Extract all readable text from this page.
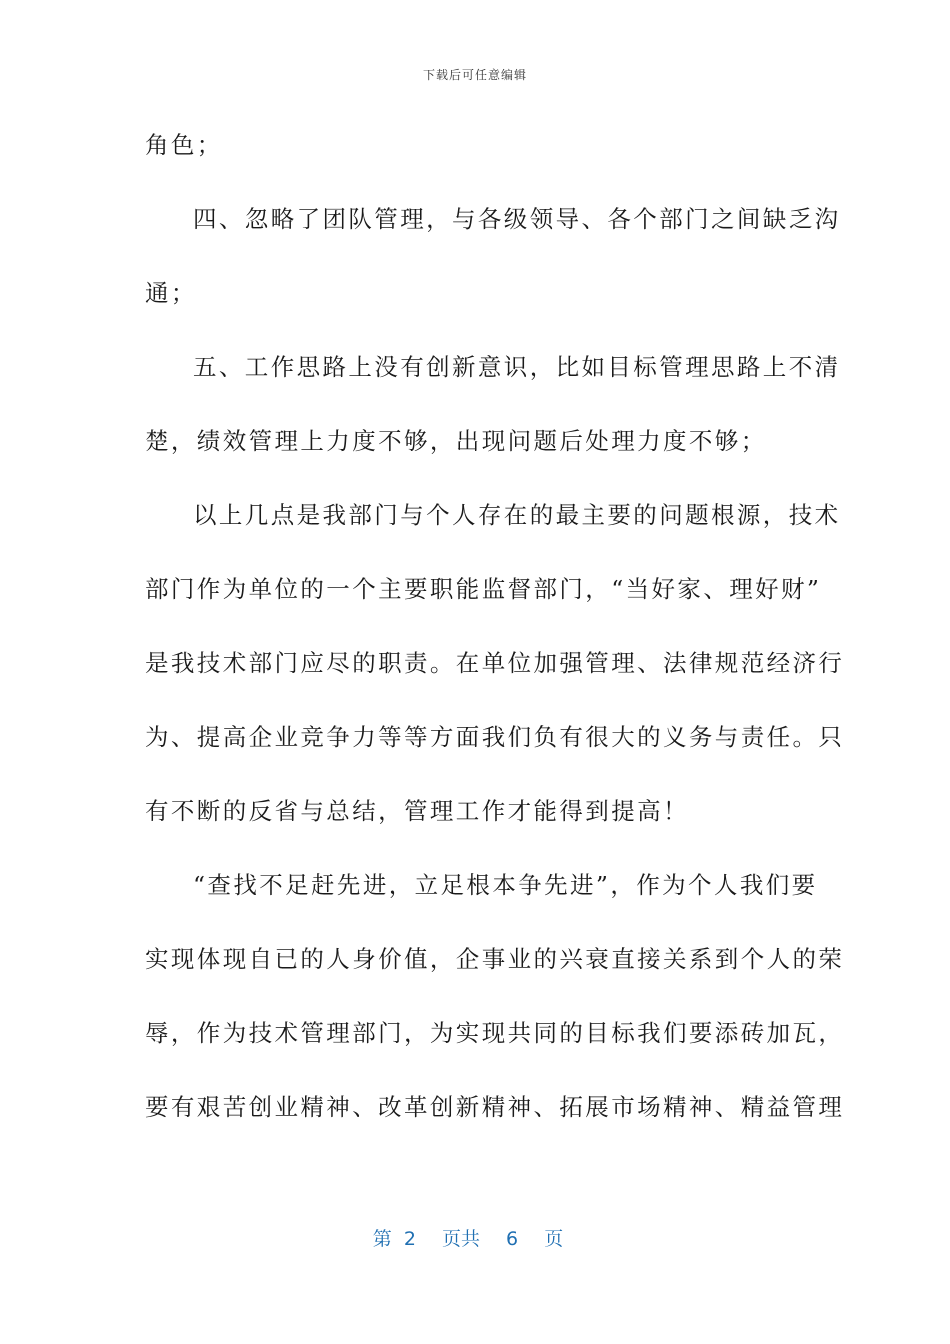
下载后可任意编辑
角色；
四、忽略了团队管理，与各级领导、各个部门之间缺乏沟
通；
五、工作思路上没有创新意识，比如目标管理思路上不清
楚，绩效管理上力度不够，出现问题后处理力度不够；
以上几点是我部门与个人存在的最主要的问题根源，技术
部门作为单位的一个主要职能监督部门，“当好家、理好财”
是我技术部门应尽的职责。在单位加强管理、法律规范经济行
为、提高企业竞争力等等方面我们负有很大的义务与责任。只
有不断的反省与总结，管理工作才能得到提高！
“查找不足赶先进，立足根本争先进”，作为个人我们要
实现体现自已的人身价值，企事业的兴衰直接关系到个人的荣
辱，作为技术管理部门，为实现共同的目标我们要添砖加瓦，
要有艰苦创业精神、改革创新精神、拓展市场精神、精益管理
第 2 页共 6 页
